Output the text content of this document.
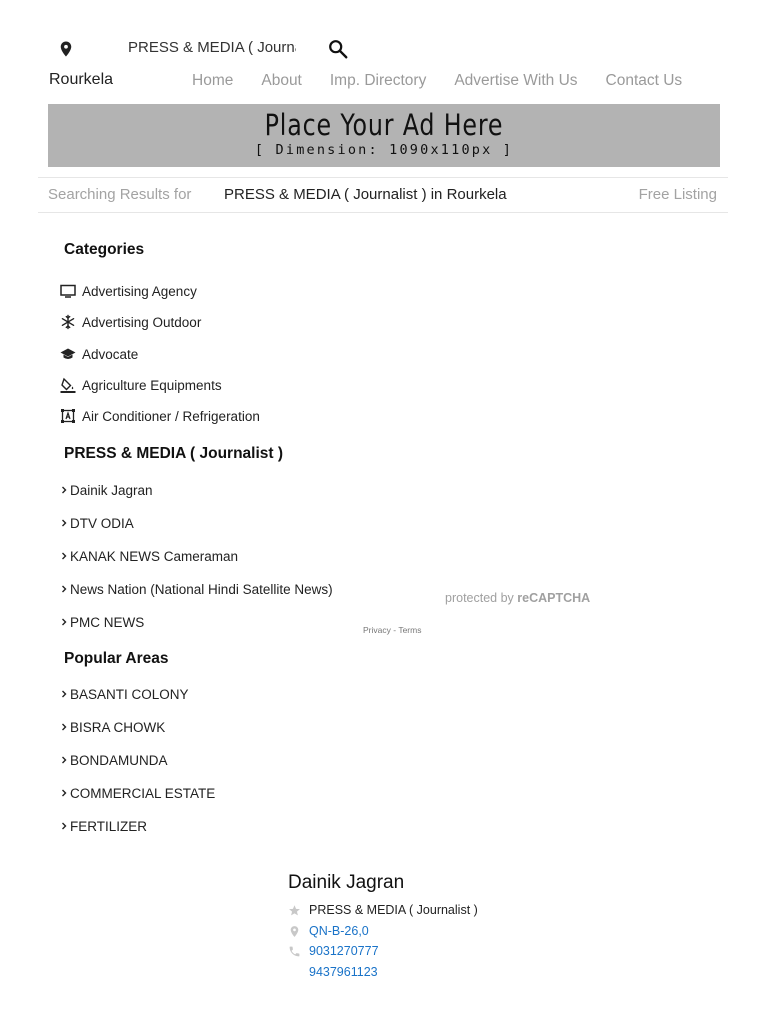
Rourkela
PRESS & MEDIA ( Journalist )	Home	About	Imp. Directory	Advertise With Us	Contact Us
Place Your Ad Here
[ Dimension: 1090x110px ]
Searching Results for PRESS & MEDIA ( Journalist ) in Rourkela	Free Listing
Categories
Advertising Agency
Advertising Outdoor
Advocate
Agriculture Equipments
Air Conditioner / Refrigeration
PRESS & MEDIA ( Journalist )
Dainik Jagran
DTV ODIA
KANAK NEWS Cameraman
News Nation (National Hindi Satellite News)
PMC NEWS
protected by reCAPTCHA
Privacy - Terms
Popular Areas
BASANTI COLONY
BISRA CHOWK
BONDAMUNDA
COMMERCIAL ESTATE
FERTILIZER
Dainik Jagran
PRESS & MEDIA ( Journalist )
QN-B-26,0
9031270777
9437961123
